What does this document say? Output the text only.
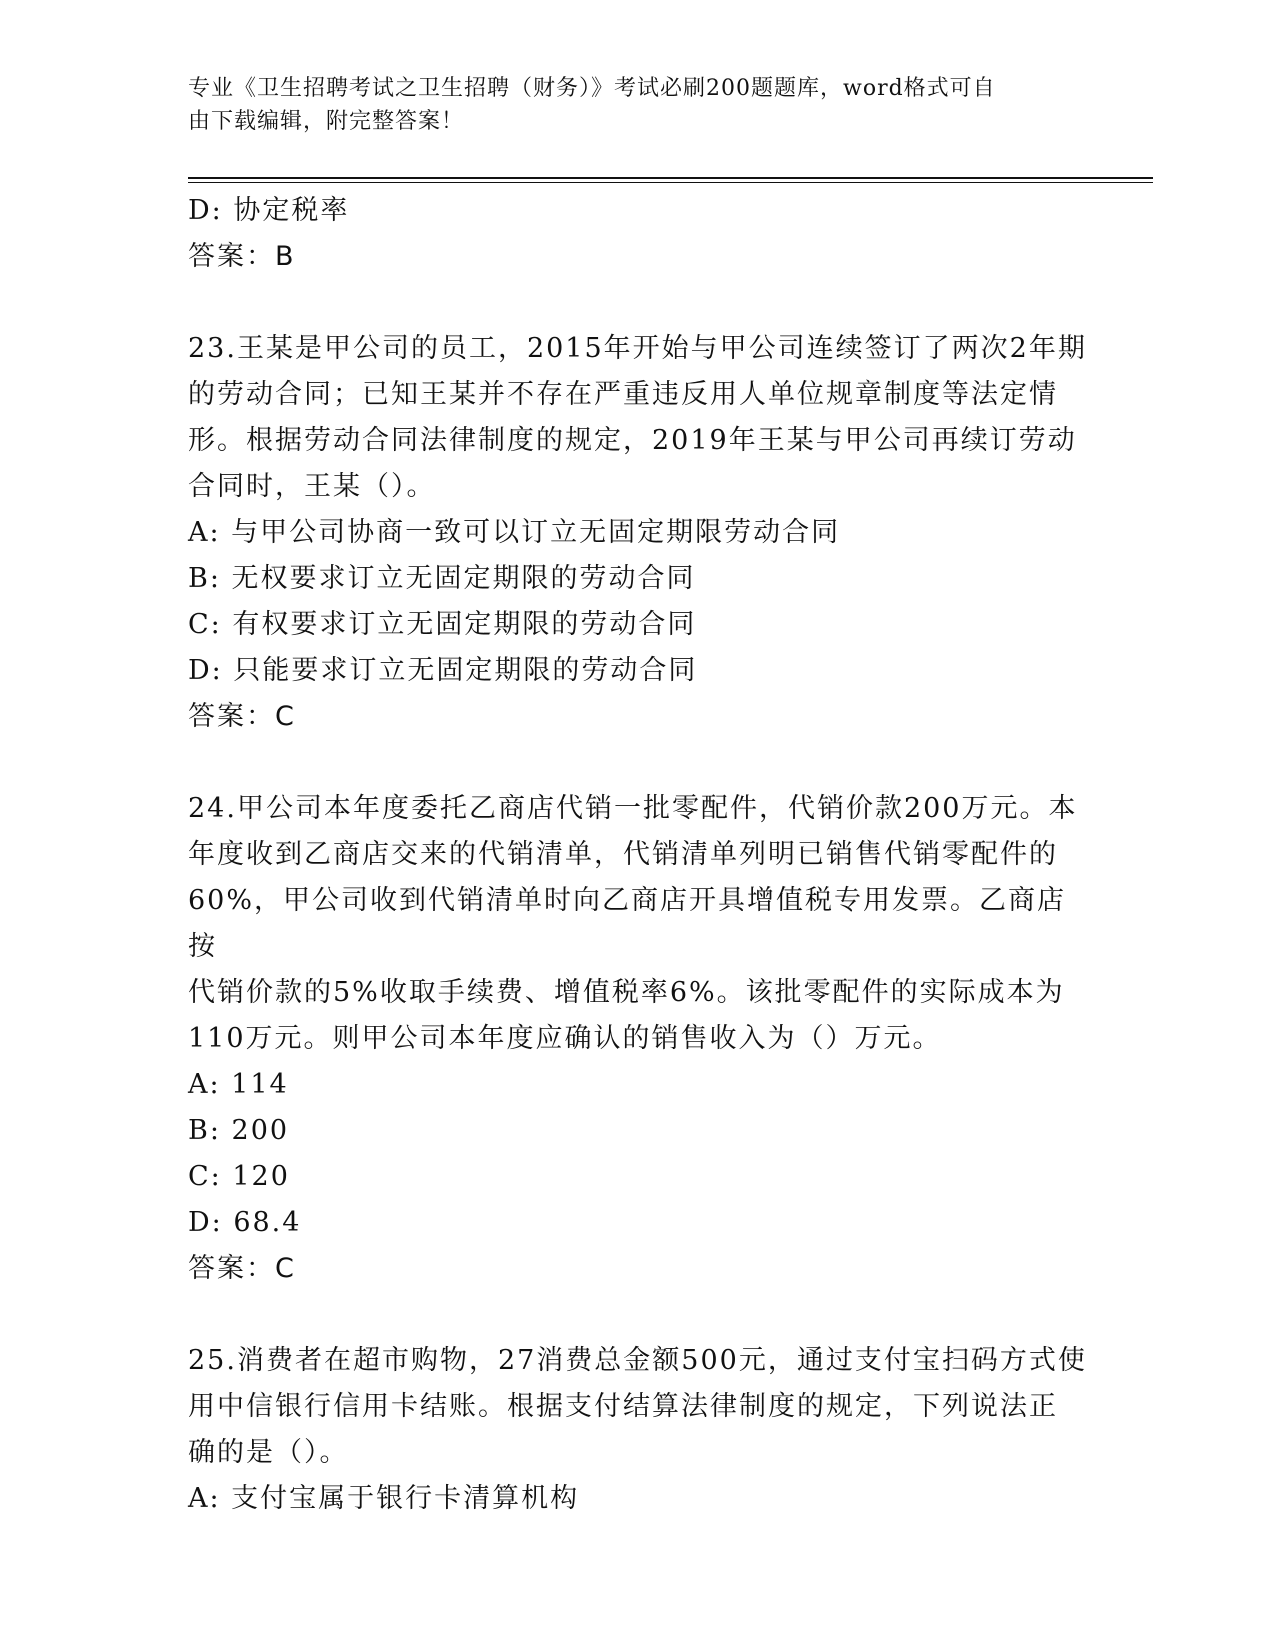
专业《卫生招聘考试之卫生招聘（财务）》考试必刷200题题库，word格式可自
由下载编辑，附完整答案！
D: 协定税率
答案：B
23.王某是甲公司的员工，2015年开始与甲公司连续签订了两次2年期
的劳动合同；已知王某并不存在严重违反用人单位规章制度等法定情
形。根据劳动合同法律制度的规定，2019年王某与甲公司再续订劳动
合同时，王某（）。
A: 与甲公司协商一致可以订立无固定期限劳动合同
B: 无权要求订立无固定期限的劳动合同
C: 有权要求订立无固定期限的劳动合同
D: 只能要求订立无固定期限的劳动合同
答案：C
24.甲公司本年度委托乙商店代销一批零配件，代销价款200万元。本
年度收到乙商店交来的代销清单，代销清单列明已销售代销零配件的
60%，甲公司收到代销清单时向乙商店开具增值税专用发票。乙商店按
代销价款的5%收取手续费、增值税率6%。该批零配件的实际成本为
110万元。则甲公司本年度应确认的销售收入为（）万元。
A: 114
B: 200
C: 120
D: 68.4
答案：C
25.消费者在超市购物，27消费总金额500元，通过支付宝扫码方式使
用中信银行信用卡结账。根据支付结算法律制度的规定，下列说法正
确的是（）。
A: 支付宝属于银行卡清算机构
